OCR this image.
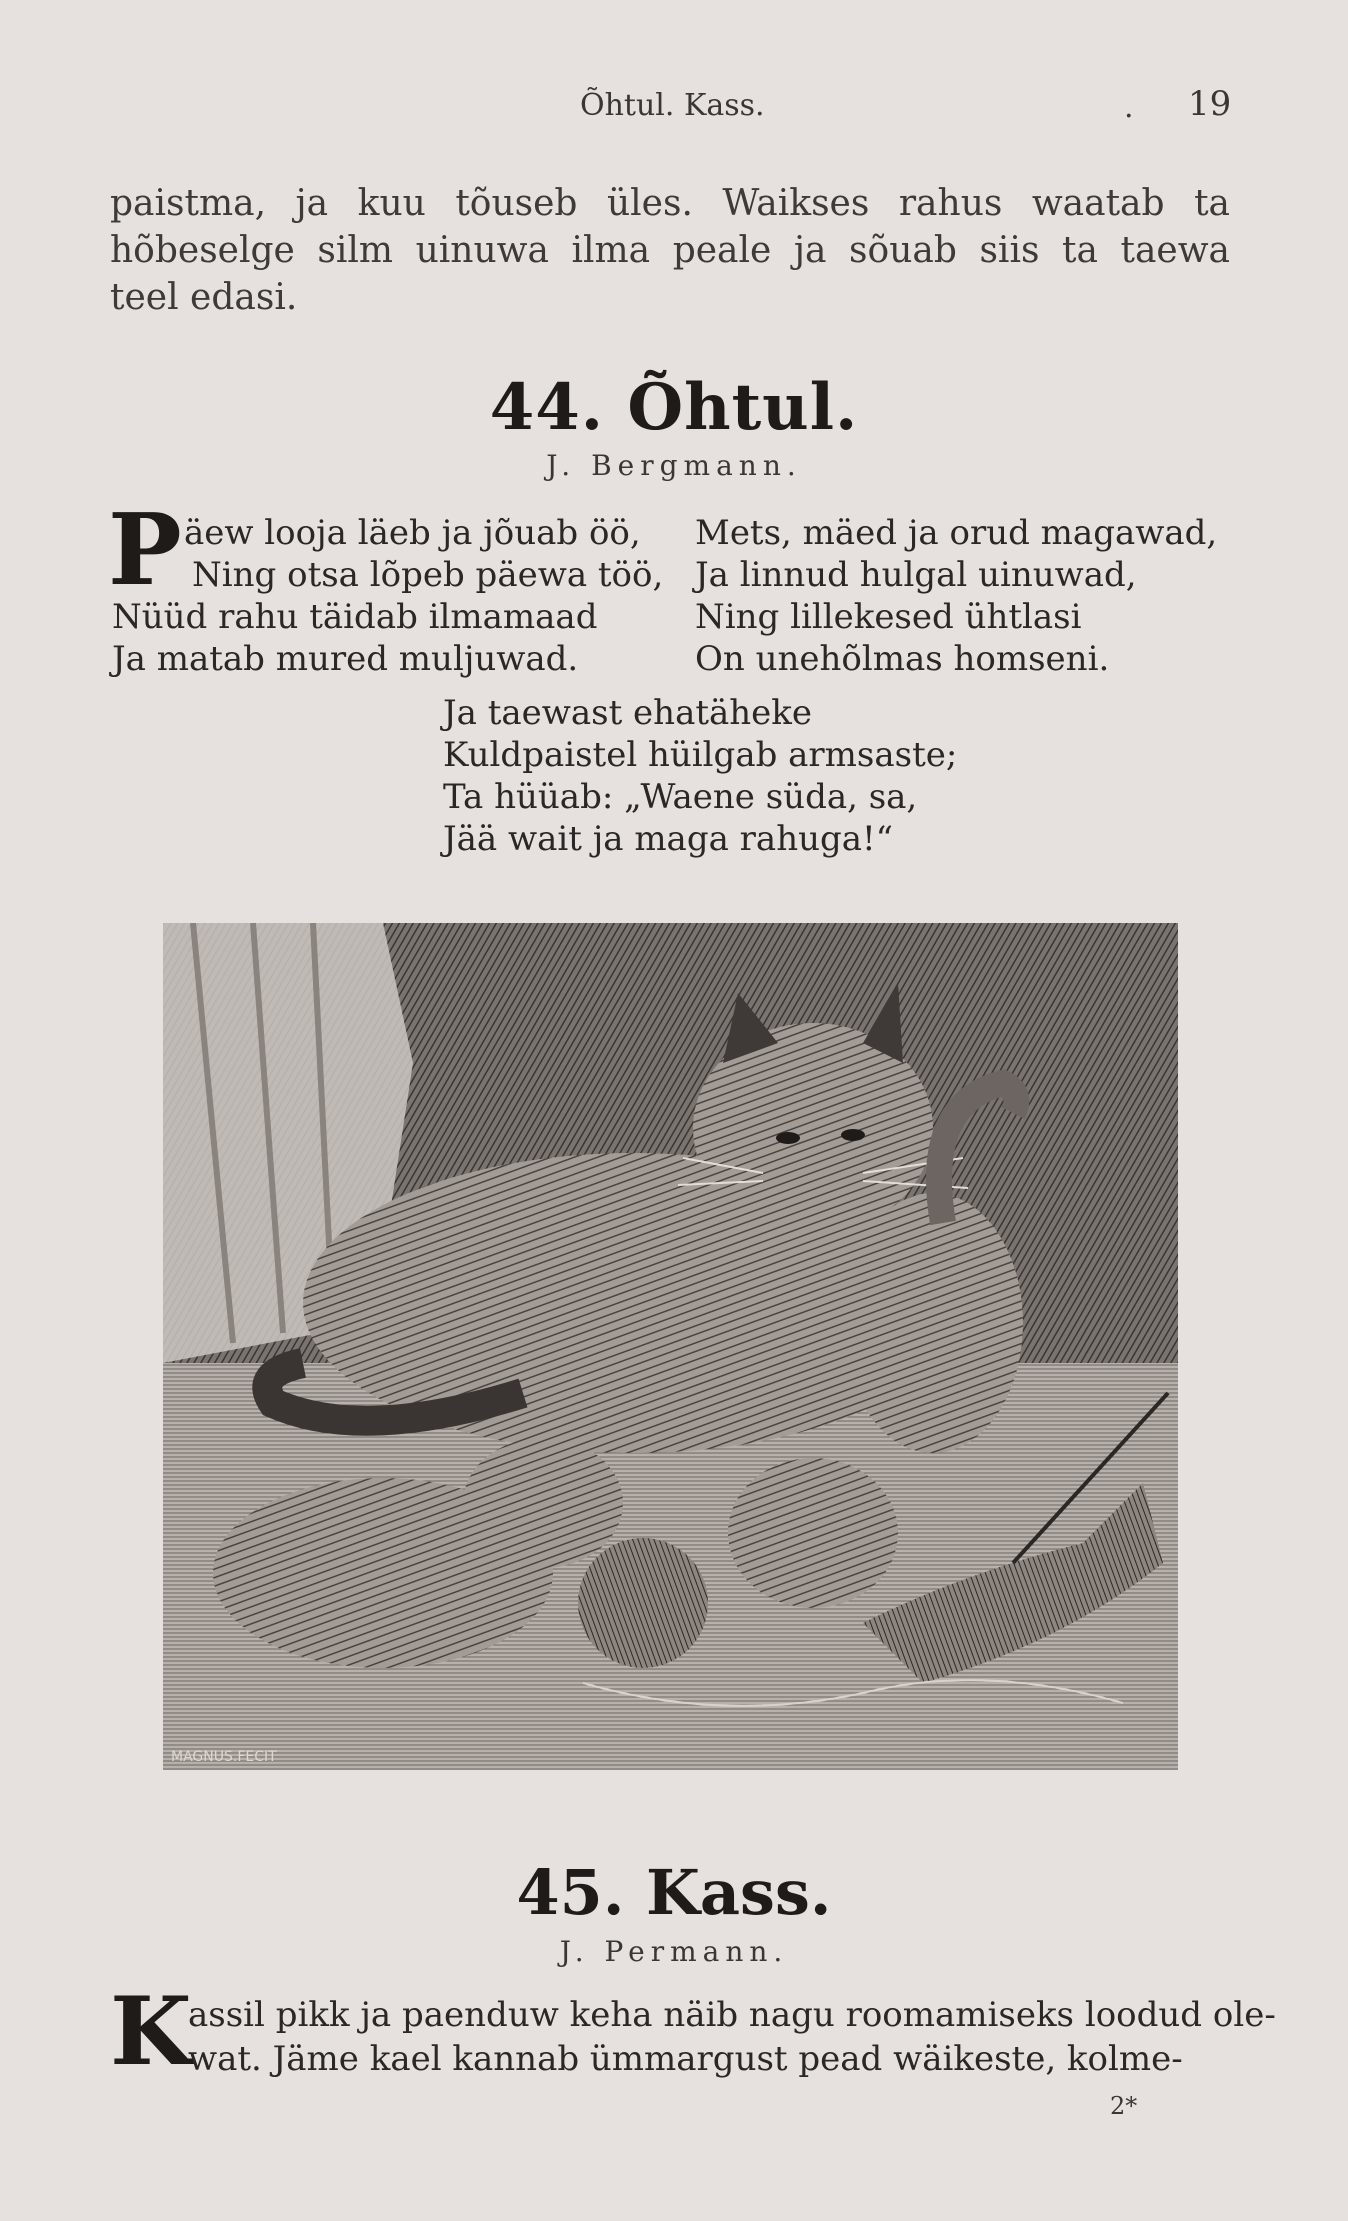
Õhtul. Kass.	. 19
paistma, ja kuu tõuseb üles. Waikses rahus waatab ta
hõbeselge silm uinuwa ilma peale ja sõuab siis ta taewa
teel edasi.
44. Õhtul.
J. Bergmann.
P äew looja läeb ja jõuab öö,
Ning otsa lõpeb päewa töö,
Nüüd rahu täidab ilmamaad
Ja matab mured muljuwad.
Mets, mäed ja orud magawad,
Ja linnud hulgal uinuwad,
Ning lillekesed ühtlasi
On unehõlmas homseni.
Ja taewast ehatäheke
Kuldpaistel hüilgab armsaste;
Ta hüüab: „Waene süda, sa,
Jää wait ja maga rahuga!“
MAGNUS.FECIT
45. Kass.
J. Permann.
K
assil pikk ja paenduw keha näib nagu roomamiseks loodud ole-
wat. Jäme kael kannab ümmargust pead wäikeste, kolme-
2*
